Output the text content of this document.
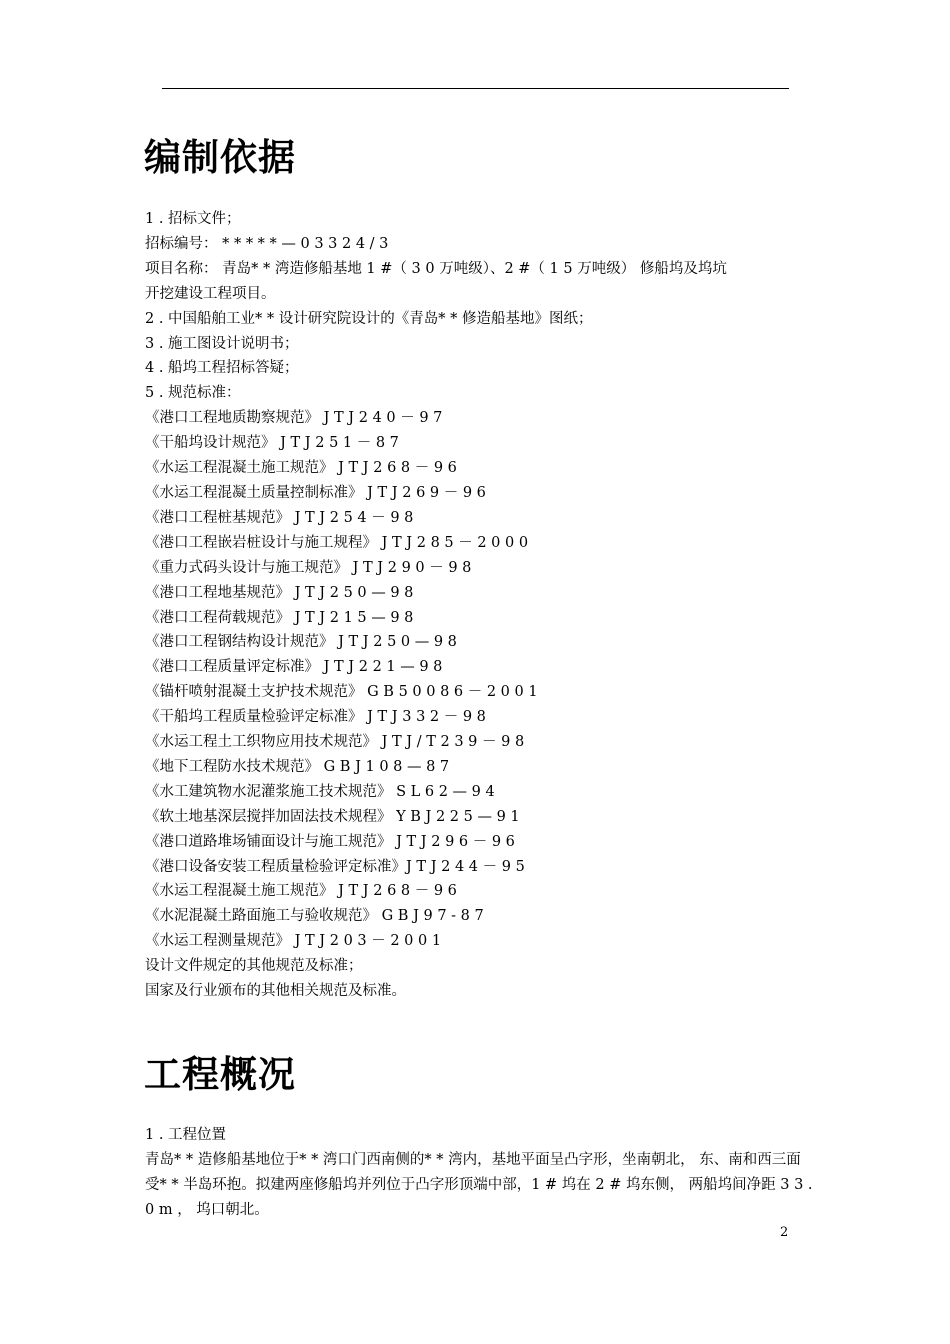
编制依据
1 . 招标文件；
招标编号： * * * * * — 0 3 3 2 4 / 3
项目名称： 青岛* * 湾造修船基地 1 #（ 3 0 万吨级）、2 #（ 1 5 万吨级） 修船坞及坞坑
开挖建设工程项目。
2 . 中国船舶工业* * 设计研究院设计的《青岛* * 修造船基地》图纸；
3 . 施工图设计说明书；
4 . 船坞工程招标答疑；
5 . 规范标准：
《港口工程地质勘察规范》 J T J 2 4 0 － 9 7
《干船坞设计规范》 J T J 2 5 1 － 8 7
《水运工程混凝土施工规范》 J T J 2 6 8 － 9 6
《水运工程混凝土质量控制标准》 J T J 2 6 9 － 9 6
《港口工程桩基规范》 J T J 2 5 4 － 9 8
《港口工程嵌岩桩设计与施工规程》 J T J 2 8 5 － 2 0 0 0
《重力式码头设计与施工规范》 J T J 2 9 0 － 9 8
《港口工程地基规范》 J T J 2 5 0 — 9 8
《港口工程荷载规范》 J T J 2 1 5 — 9 8
《港口工程钢结构设计规范》 J T J 2 5 0 — 9 8
《港口工程质量评定标准》 J T J 2 2 1 — 9 8
《锚杆喷射混凝土支护技术规范》 G B 5 0 0 8 6 － 2 0 0 1
《干船坞工程质量检验评定标准》 J T J 3 3 2 － 9 8
《水运工程土工织物应用技术规范》 J T J / T 2 3 9 － 9 8
《地下工程防水技术规范》 G B J 1 0 8 — 8 7
《水工建筑物水泥灌浆施工技术规范》 S L 6 2 — 9 4
《软土地基深层搅拌加固法技术规程》 Y B J 2 2 5 — 9 1
《港口道路堆场铺面设计与施工规范》 J T J 2 9 6 － 9 6
《港口设备安装工程质量检验评定标准》J T J 2 4 4 － 9 5
《水运工程混凝土施工规范》 J T J 2 6 8 － 9 6
《水泥混凝土路面施工与验收规范》 G B J 9 7 - 8 7
《水运工程测量规范》 J T J 2 0 3 － 2 0 0 1
设计文件规定的其他规范及标准；
国家及行业颁布的其他相关规范及标准。
工程概况
1 . 工程位置

青岛* * 造修船基地位于* * 湾口门西南侧的* * 湾内，基地平面呈凸字形，坐南朝北， 东、南和西三面受* * 半岛环抱。拟建两座修船坞并列位于凸字形顶端中部，1 # 坞在 2 # 坞东侧， 两船坞间净距 3 3 . 0 m ， 坞口朝北。

2
